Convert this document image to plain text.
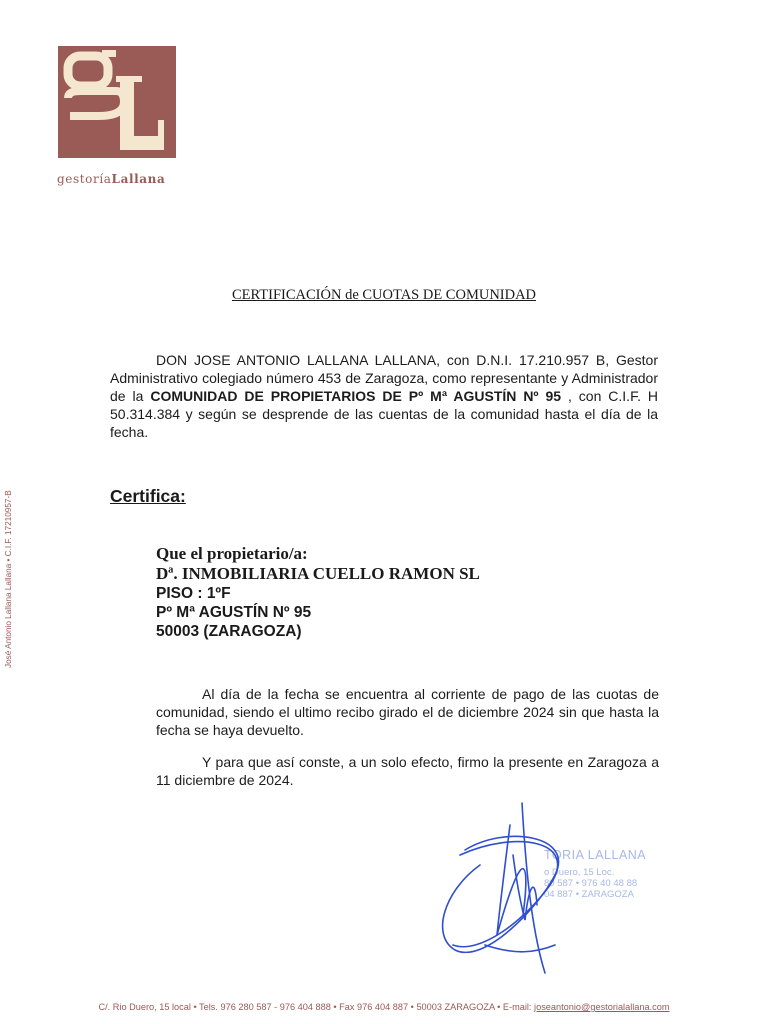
gestoríaLallana
José Antonio Lallana Lallana • C.I.F. 17210957-B
CERTIFICACIÓN de CUOTAS DE COMUNIDAD
DON JOSE ANTONIO LALLANA LALLANA, con D.N.I. 17.210.957 B, Gestor Administrativo colegiado número 453 de Zaragoza, como representante y Administrador de la COMUNIDAD DE PROPIETARIOS DE Pº Mª AGUSTÍN Nº 95 , con C.I.F. H 50.314.384 y según se desprende de las cuentas de la comunidad hasta el día de la fecha.
Certifica:
Que el propietario/a:
Dª. INMOBILIARIA CUELLO RAMON SL
PISO : 1ºF
Pº Mª AGUSTÍN Nº 95
50003 (ZARAGOZA)
Al día de la fecha se encuentra al corriente de pago de las cuotas de comunidad, siendo el ultimo recibo girado el de diciembre 2024 sin que hasta la fecha se haya devuelto.
Y para que así conste, a un solo efecto, firmo la presente en Zaragoza a 11 diciembre de 2024.
TORIA LALLANA
o Duero, 15 Loc.
80 587 • 976 40 48 88
04 887 • ZARAGOZA
C/. Rio Duero, 15 local • Tels. 976 280 587 - 976 404 888 • Fax 976 404 887 • 50003 ZARAGOZA • E-mail: joseantonio@gestorialallana.com
